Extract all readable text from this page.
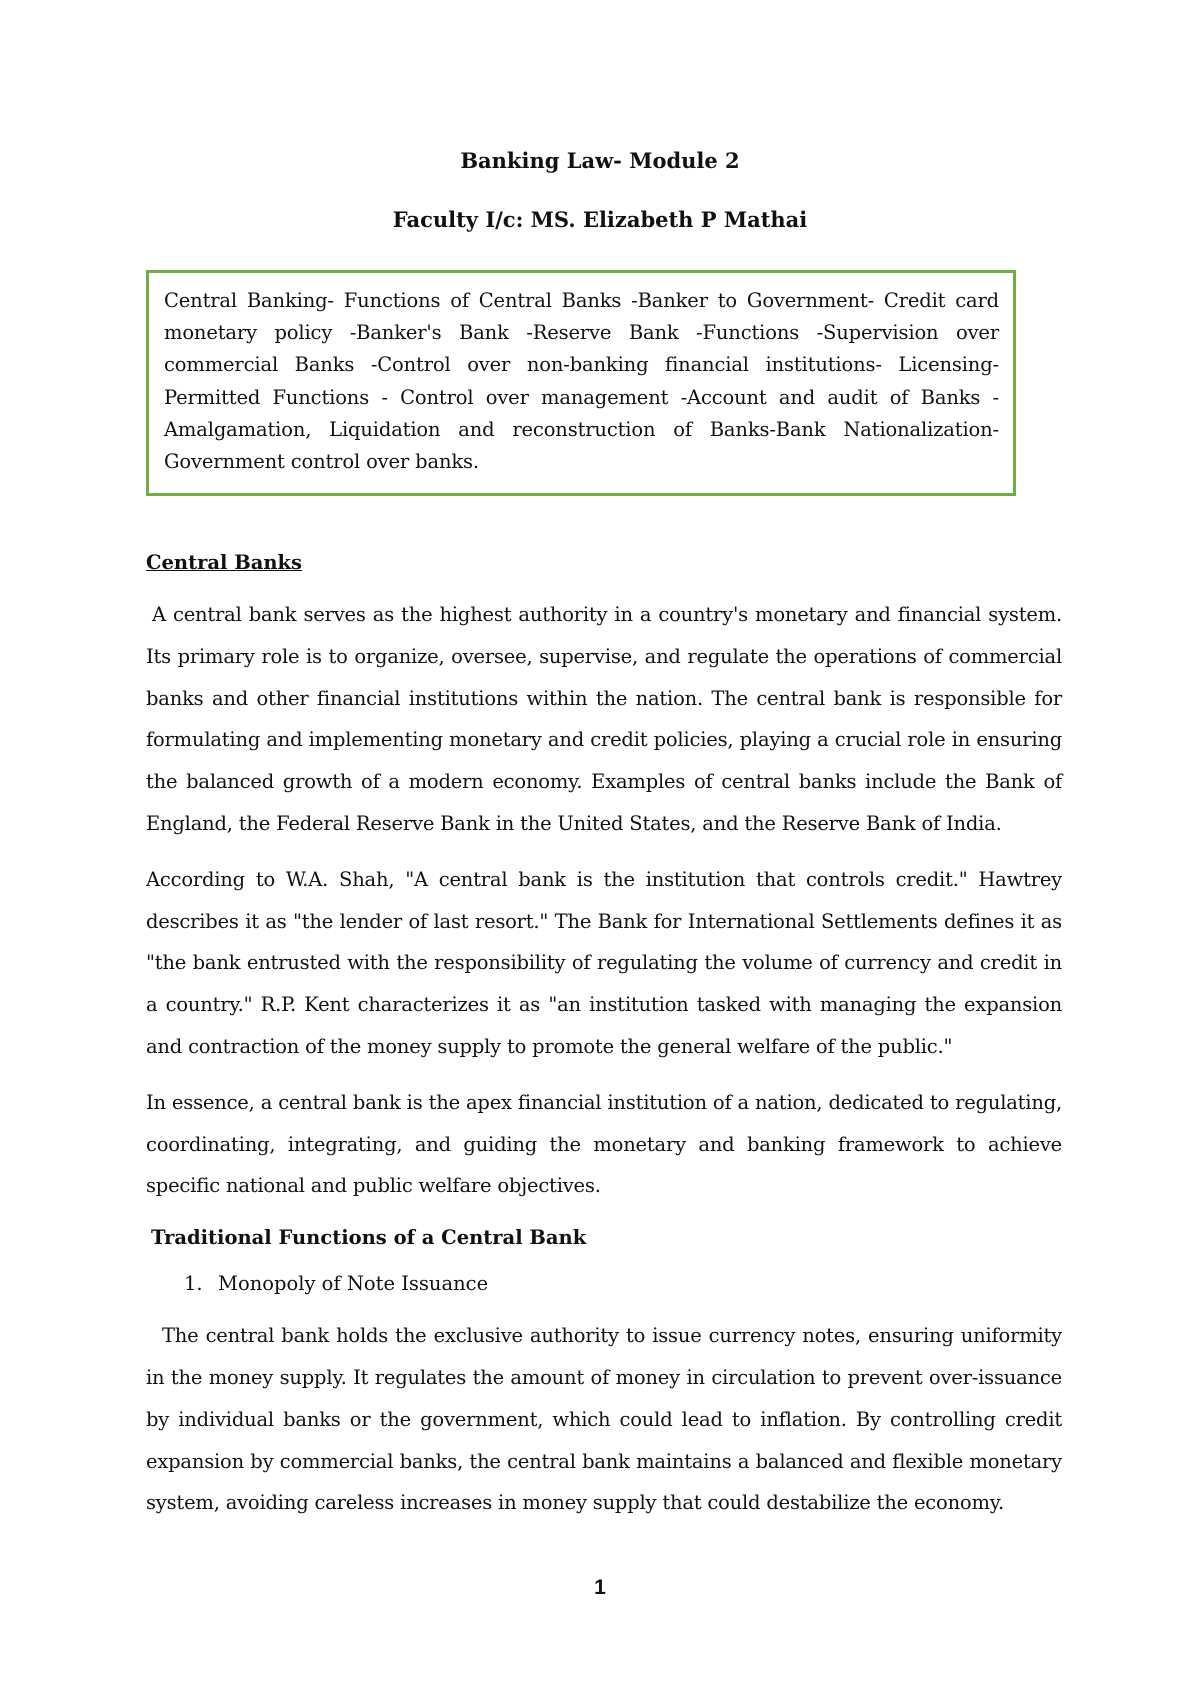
Banking Law- Module 2
Faculty I/c: MS. Elizabeth P Mathai
Central Banking- Functions of Central Banks -Banker to Government- Credit card monetary policy -Banker's Bank -Reserve Bank -Functions -Supervision over commercial Banks -Control over non-banking financial institutions- Licensing- Permitted Functions - Control over management -Account and audit of Banks - Amalgamation, Liquidation and reconstruction of Banks-Bank Nationalization- Government control over banks.
Central Banks

A central bank serves as the highest authority in a country's monetary and financial system. Its primary role is to organize, oversee, supervise, and regulate the operations of commercial banks and other financial institutions within the nation. The central bank is responsible for formulating and implementing monetary and credit policies, playing a crucial role in ensuring the balanced growth of a modern economy. Examples of central banks include the Bank of England, the Federal Reserve Bank in the United States, and the Reserve Bank of India.

According to W.A. Shah, "A central bank is the institution that controls credit." Hawtrey describes it as "the lender of last resort." The Bank for International Settlements defines it as "the bank entrusted with the responsibility of regulating the volume of currency and credit in a country." R.P. Kent characterizes it as "an institution tasked with managing the expansion and contraction of the money supply to promote the general welfare of the public."

In essence, a central bank is the apex financial institution of a nation, dedicated to regulating, coordinating, integrating, and guiding the monetary and banking framework to achieve specific national and public welfare objectives.

Traditional Functions of a Central Bank
1. Monopoly of Note Issuance

The central bank holds the exclusive authority to issue currency notes, ensuring uniformity in the money supply. It regulates the amount of money in circulation to prevent over-issuance by individual banks or the government, which could lead to inflation. By controlling credit expansion by commercial banks, the central bank maintains a balanced and flexible monetary system, avoiding careless increases in money supply that could destabilize the economy.

1
